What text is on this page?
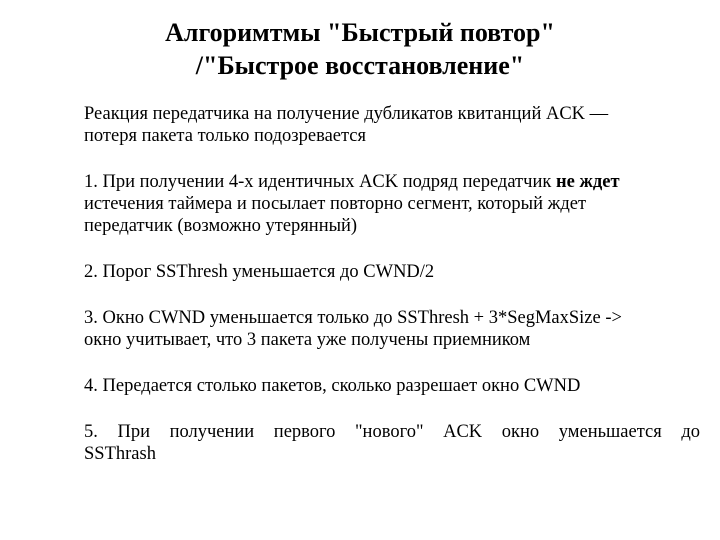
Алгоримтмы "Быстрый повтор"
/"Быстрое восстановление"
Реакция передатчика на получение дубликатов квитанций ACK —
потеря пакета только подозревается
1. При получении 4-х идентичных ACK подряд передатчик не ждет
истечения таймера и посылает повторно сегмент, который ждет
передатчик (возможно утерянный)
2. Порог SSThresh уменьшается до CWND/2
3. Окно CWND уменьшается только до SSThresh + 3*SegMaxSize ->
окно учитывает, что 3 пакета уже получены приемником
4. Передается столько пакетов, сколько разрешает окно CWND
5. При получении первого "нового" ACK окно уменьшается до
SSThrash
